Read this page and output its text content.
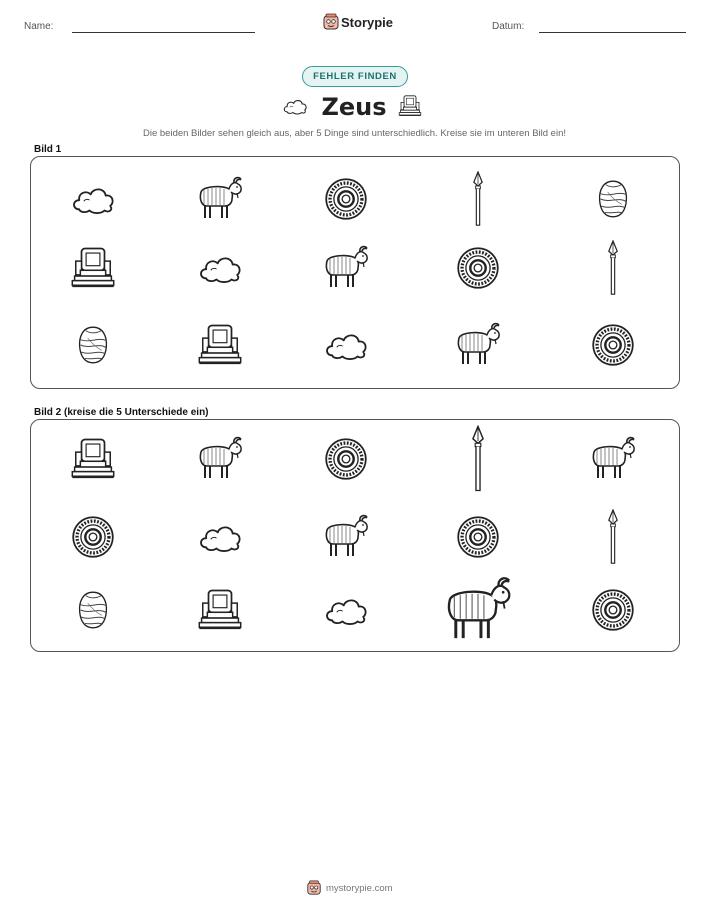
Name:	Storypie	Datum:
FEHLER FINDEN
Zeus
Die beiden Bilder sehen gleich aus, aber 5 Dinge sind unterschiedlich. Kreise sie im unteren Bild ein!
Bild 1
Bild 2 (kreise die 5 Unterschiede ein)
mystorypie.com
